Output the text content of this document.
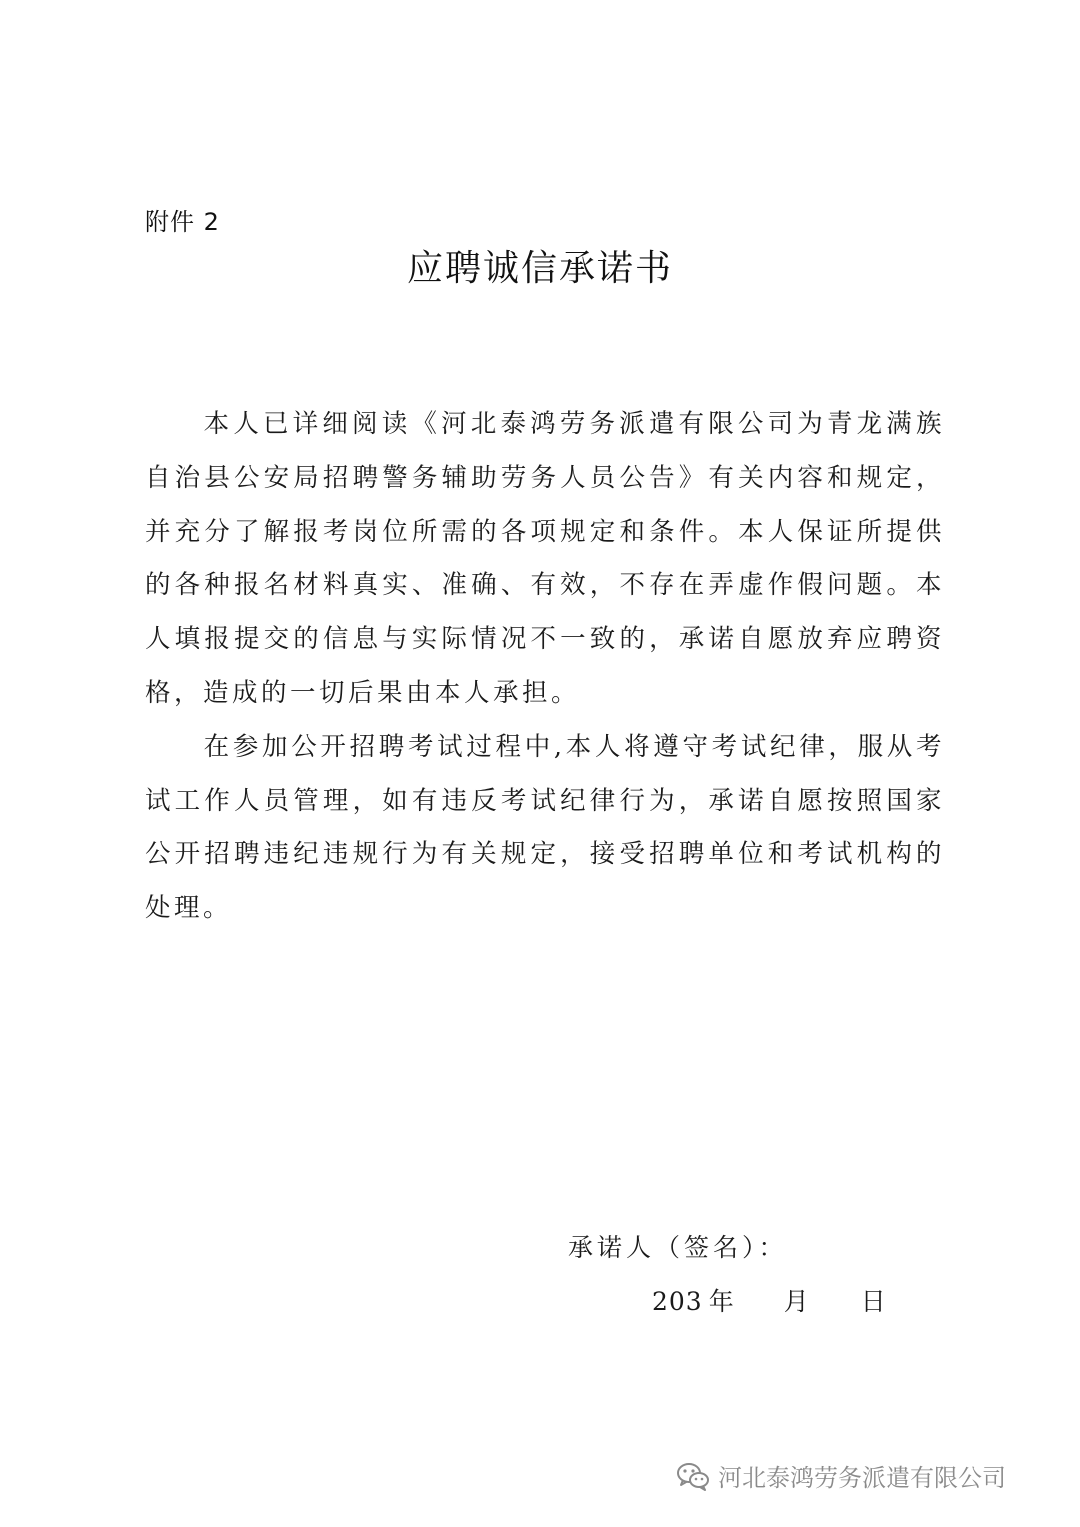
附件 2
应聘诚信承诺书

本人已详细阅读《河北泰鸿劳务派遣有限公司为青龙满族自治县公安局招聘警务辅助劳务人员公告》有关内容和规定，并充分了解报考岗位所需的各项规定和条件。本人保证所提供的各种报名材料真实、准确、有效，不存在弄虚作假问题。本人填报提交的信息与实际情况不一致的，承诺自愿放弃应聘资格，造成的一切后果由本人承担。

在参加公开招聘考试过程中,本人将遵守考试纪律，服从考试工作人员管理，如有违反考试纪律行为，承诺自愿按照国家公开招聘违纪违规行为有关规定，接受招聘单位和考试机构的处理。

承诺人（签名）：
203 年 月 日
河北泰鸿劳务派遣有限公司
